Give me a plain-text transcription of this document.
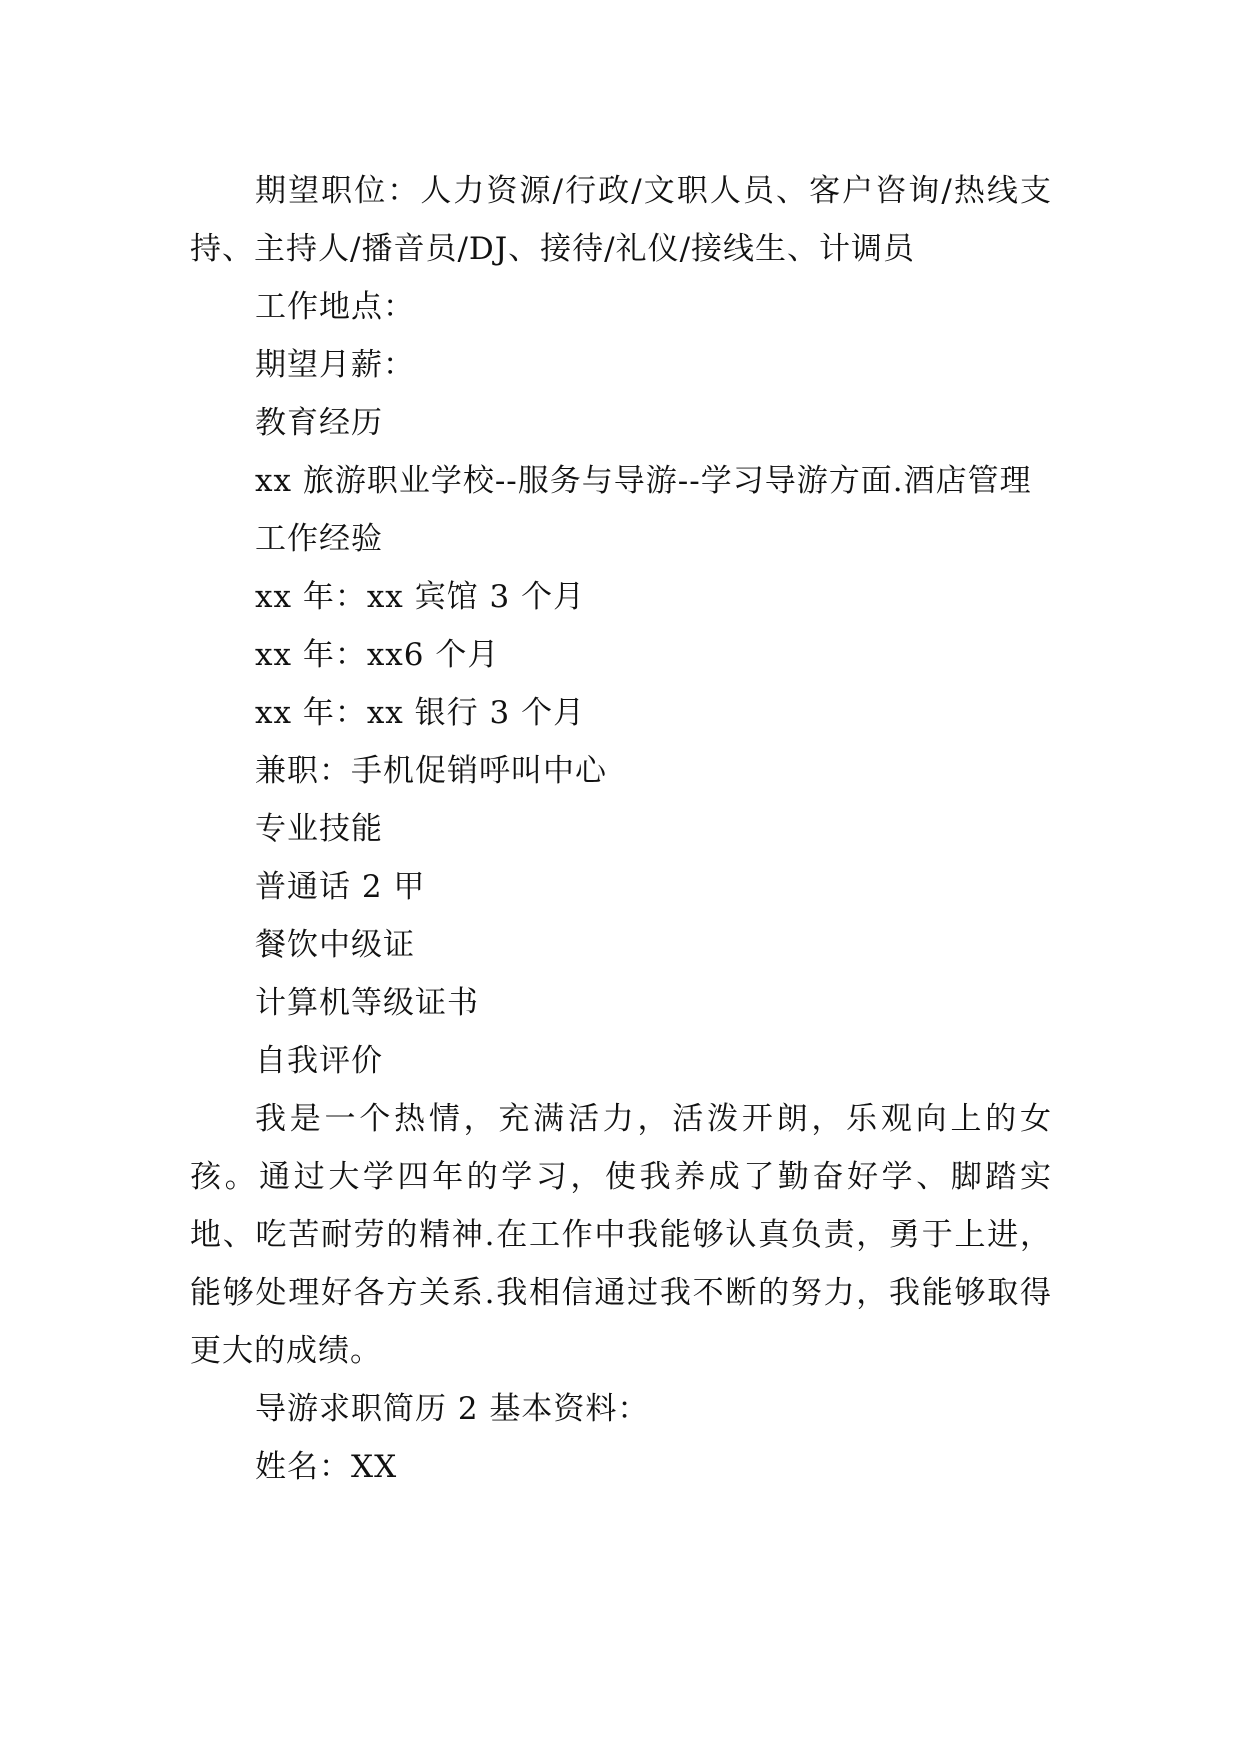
期望职位：人力资源/行政/文职人员、客户咨询/热线支持、主持人/播音员/DJ、接待/礼仪/接线生、计调员

工作地点：

期望月薪：

教育经历

xx 旅游职业学校--服务与导游--学习导游方面.酒店管理

工作经验

xx 年：xx 宾馆 3 个月

xx 年：xx6 个月

xx 年：xx 银行 3 个月

兼职：手机促销呼叫中心

专业技能

普通话 2 甲

餐饮中级证

计算机等级证书

自我评价

我是一个热情，充满活力，活泼开朗，乐观向上的女孩。通过大学四年的学习，使我养成了勤奋好学、脚踏实地、吃苦耐劳的精神.在工作中我能够认真负责，勇于上进，能够处理好各方关系.我相信通过我不断的努力，我能够取得更大的成绩。

导游求职简历 2 基本资料：

姓名：XX
